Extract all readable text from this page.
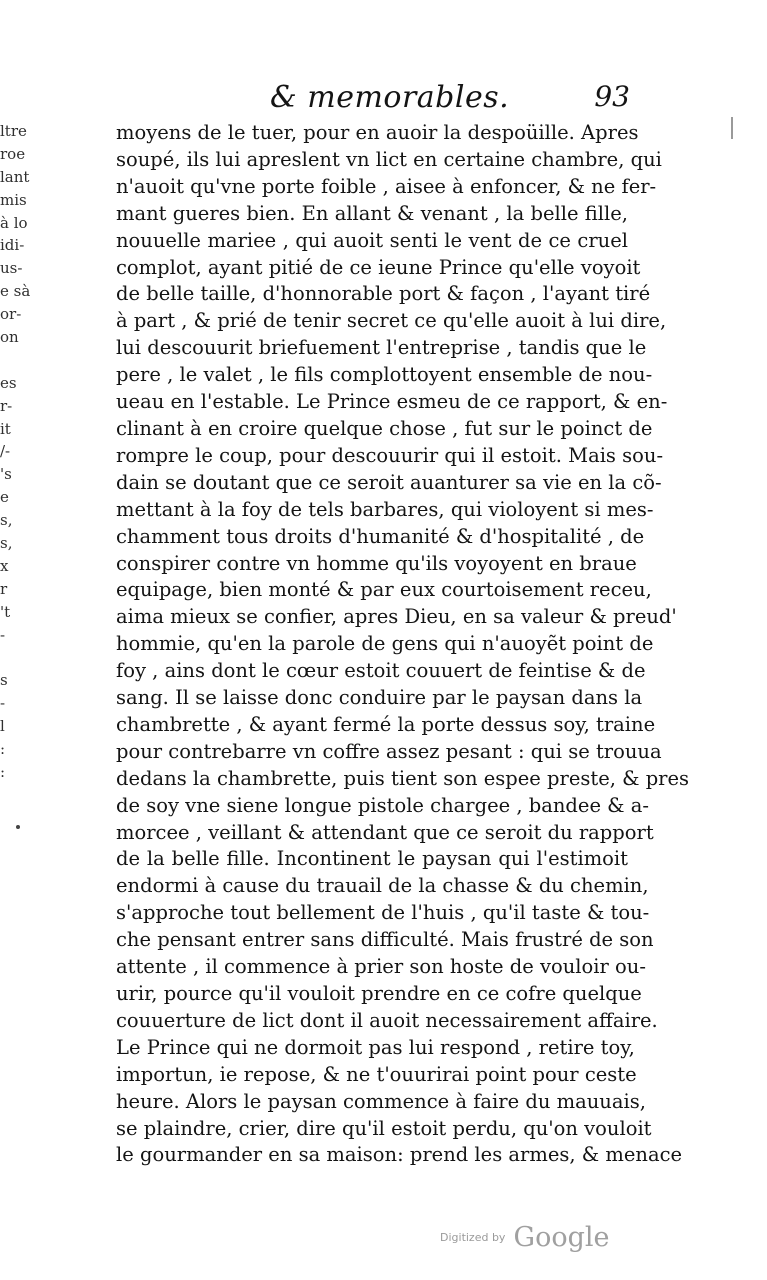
& memorables.	93
ltre
roe
lant
mis
à lo
idi-
us-
e sà
or-
on
es
r-
it
/-
's
e
s,
s,
x
r
't
-
s
-
l
:
:
moyens de le tuer, pour en auoir la despoüille. Apres
soupé, ils lui apreslent vn lict en certaine chambre, qui
n'auoit qu'vne porte foible , aisee à enfoncer, & ne fer-
mant gueres bien. En allant & venant , la belle fille,
nouuelle mariee , qui auoit senti le vent de ce cruel
complot, ayant pitié de ce ieune Prince qu'elle voyoit
de belle taille, d'honnorable port & façon , l'ayant tiré
à part , & prié de tenir secret ce qu'elle auoit à lui dire,
lui descouurit briefuement l'entreprise , tandis que le
pere , le valet , le fils complottoyent ensemble de nou-
ueau en l'estable. Le Prince esmeu de ce rapport, & en-
clinant à en croire quelque chose , fut sur le poinct de
rompre le coup, pour descouurir qui il estoit. Mais sou-
dain se doutant que ce seroit auanturer sa vie en la cõ-
mettant à la foy de tels barbares, qui violoyent si mes-
chamment tous droits d'humanité & d'hospitalité , de
conspirer contre vn homme qu'ils voyoyent en braue
equipage, bien monté & par eux courtoisement receu,
aima mieux se confier, apres Dieu, en sa valeur & preud'
hommie, qu'en la parole de gens qui n'auoyẽt point de
foy , ains dont le cœur estoit couuert de feintise & de
sang. Il se laisse donc conduire par le paysan dans la
chambrette , & ayant fermé la porte dessus soy, traine
pour contrebarre vn coffre assez pesant : qui se trouua
dedans la chambrette, puis tient son espee preste, & pres
de soy vne siene longue pistole chargee , bandee & a-
morcee , veillant & attendant que ce seroit du rapport
de la belle fille. Incontinent le paysan qui l'estimoit
endormi à cause du trauail de la chasse & du chemin,
s'approche tout bellement de l'huis , qu'il taste & tou-
che pensant entrer sans difficulté. Mais frustré de son
attente , il commence à prier son hoste de vouloir ou-
urir, pource qu'il vouloit prendre en ce cofre quelque
couuerture de lict dont il auoit necessairement affaire.
Le Prince qui ne dormoit pas lui respond , retire toy,
importun, ie repose, & ne t'ouurirai point pour ceste
heure. Alors le paysan commence à faire du mauuais,
se plaindre, crier, dire qu'il estoit perdu, qu'on vouloit
le gourmander en sa maison: prend les armes, & menace
Digitized by Google
